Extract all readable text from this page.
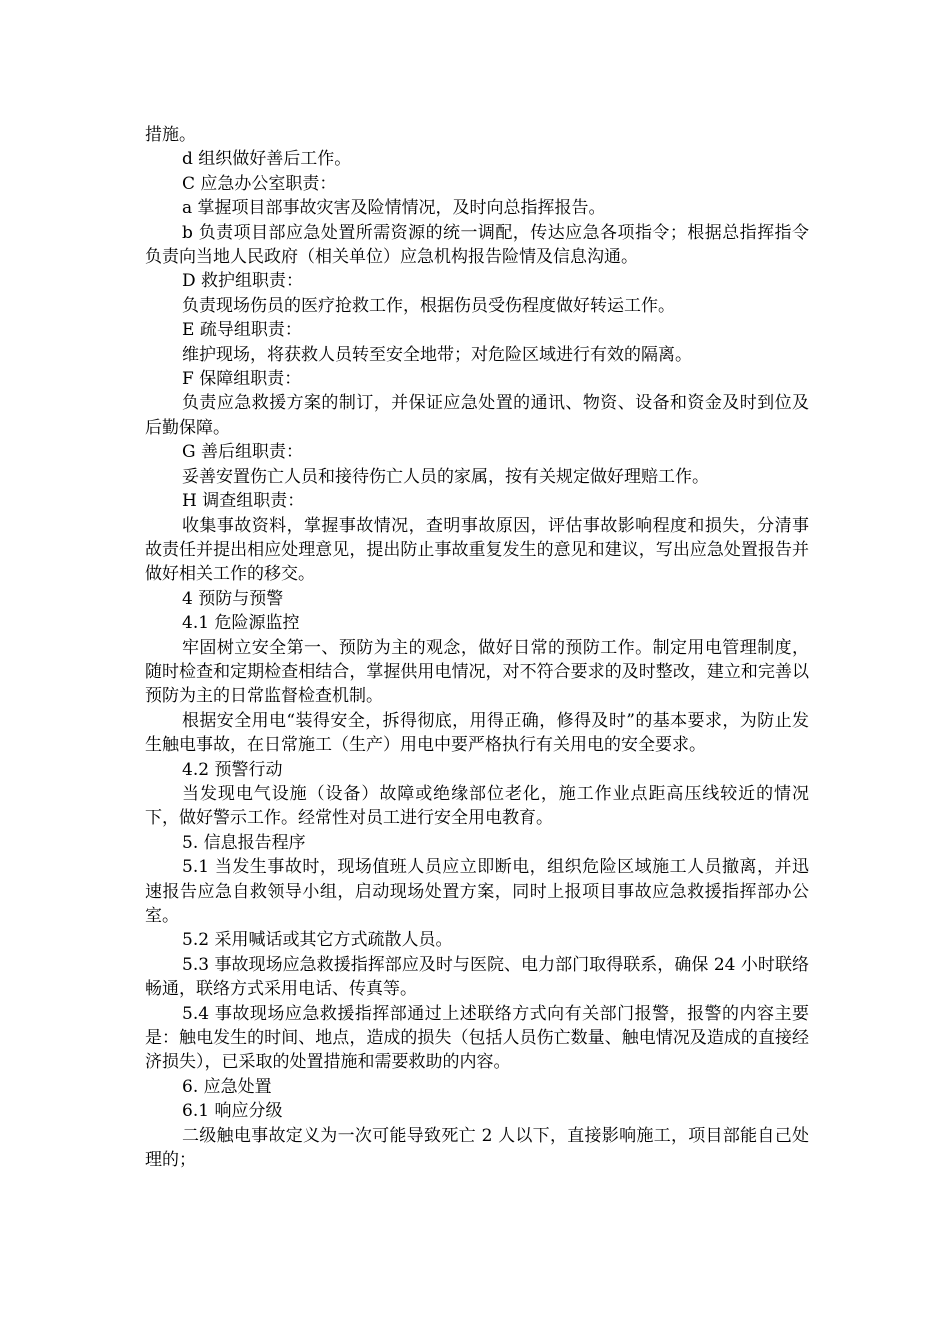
措施。

d 组织做好善后工作。

C 应急办公室职责：

a 掌握项目部事故灾害及险情情况，及时向总指挥报告。

b 负责项目部应急处置所需资源的统一调配，传达应急各项指令；根据总指挥指令负责向当地人民政府（相关单位）应急机构报告险情及信息沟通。

D 救护组职责：

负责现场伤员的医疗抢救工作，根据伤员受伤程度做好转运工作。

E 疏导组职责：

维护现场，将获救人员转至安全地带；对危险区域进行有效的隔离。

F 保障组职责：

负责应急救援方案的制订，并保证应急处置的通讯、物资、设备和资金及时到位及后勤保障。

G 善后组职责：

妥善安置伤亡人员和接待伤亡人员的家属，按有关规定做好理赔工作。

H 调查组职责：

收集事故资料，掌握事故情况，查明事故原因，评估事故影响程度和损失，分清事故责任并提出相应处理意见，提出防止事故重复发生的意见和建议，写出应急处置报告并做好相关工作的移交。

4 预防与预警

4.1 危险源监控

牢固树立安全第一、预防为主的观念，做好日常的预防工作。制定用电管理制度，随时检查和定期检查相结合，掌握供用电情况，对不符合要求的及时整改，建立和完善以预防为主的日常监督检查机制。

根据安全用电“装得安全，拆得彻底，用得正确，修得及时”的基本要求，为防止发生触电事故，在日常施工（生产）用电中要严格执行有关用电的安全要求。

4.2 预警行动

当发现电气设施（设备）故障或绝缘部位老化，施工作业点距高压线较近的情况下，做好警示工作。经常性对员工进行安全用电教育。

5. 信息报告程序

5.1 当发生事故时，现场值班人员应立即断电，组织危险区域施工人员撤离，并迅速报告应急自救领导小组，启动现场处置方案，同时上报项目事故应急救援指挥部办公室。

5.2 采用喊话或其它方式疏散人员。

5.3 事故现场应急救援指挥部应及时与医院、电力部门取得联系，确保 24 小时联络畅通，联络方式采用电话、传真等。

5.4 事故现场应急救援指挥部通过上述联络方式向有关部门报警，报警的内容主要是：触电发生的时间、地点，造成的损失（包括人员伤亡数量、触电情况及造成的直接经济损失），已采取的处置措施和需要救助的内容。

6. 应急处置

6.1 响应分级

二级触电事故定义为一次可能导致死亡 2 人以下，直接影响施工，项目部能自己处理的；
